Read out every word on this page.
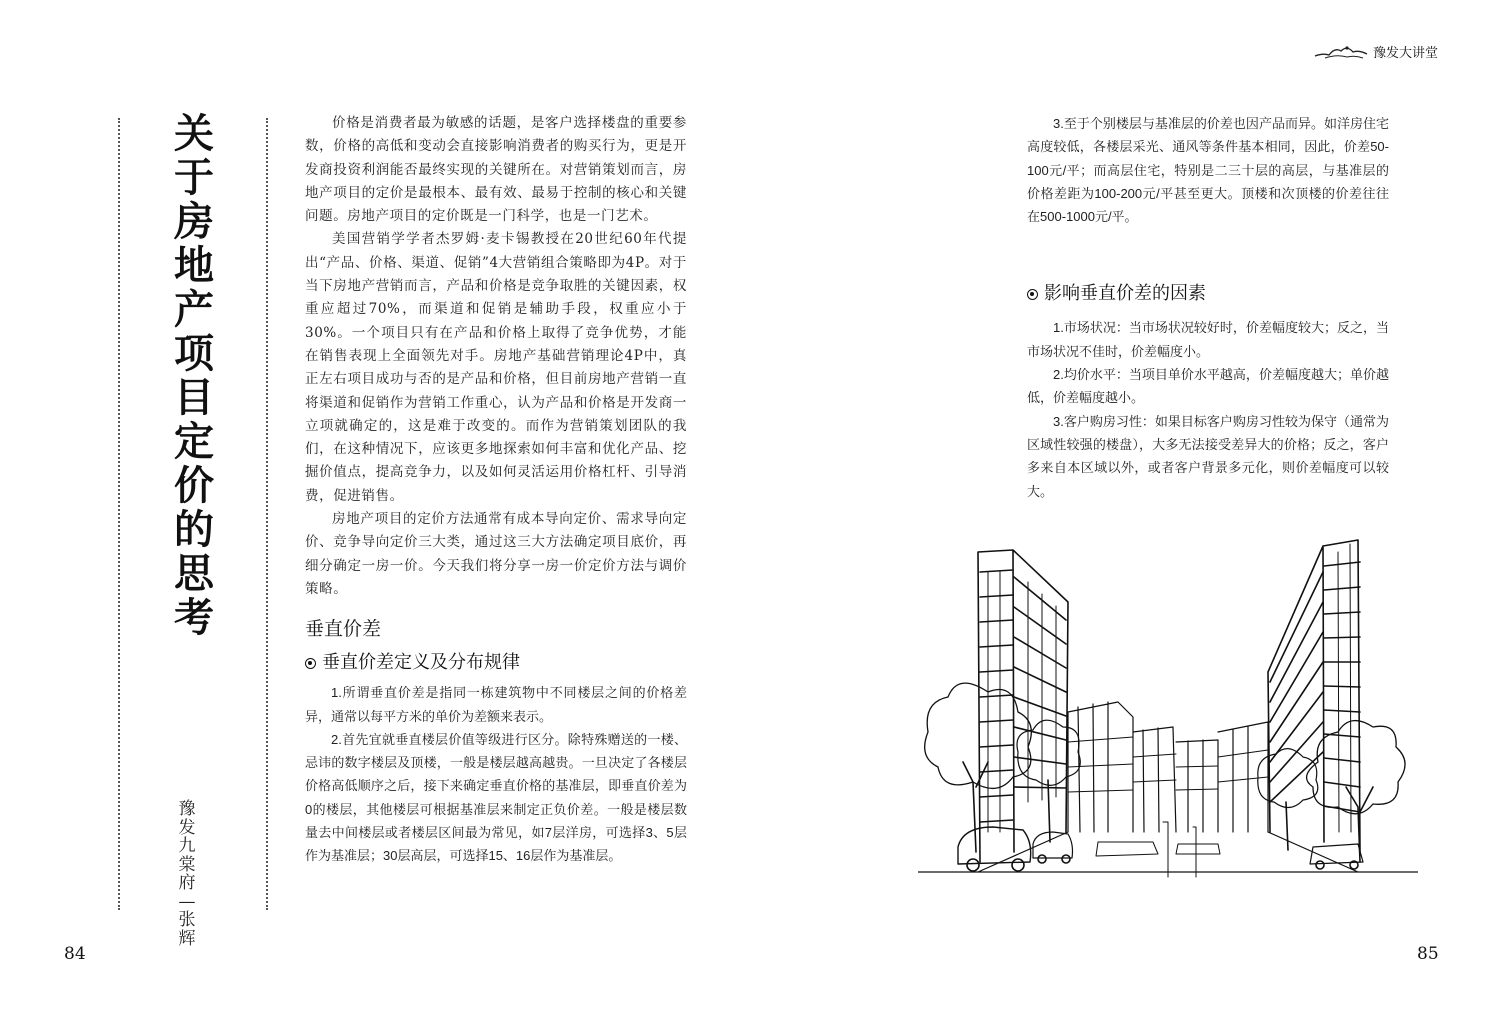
关于房地产项目定价的思考
豫发九棠府—张辉

价格是消费者最为敏感的话题，是客户选择楼盘的重要参数，价格的高低和变动会直接影响消费者的购买行为，更是开发商投资利润能否最终实现的关键所在。对营销策划而言，房地产项目的定价是最根本、最有效、最易于控制的核心和关键问题。房地产项目的定价既是一门科学，也是一门艺术。

美国营销学学者杰罗姆·麦卡锡教授在20世纪60年代提出“产品、价格、渠道、促销”4大营销组合策略即为4P。对于当下房地产营销而言，产品和价格是竞争取胜的关键因素，权重应超过70%，而渠道和促销是辅助手段，权重应小于30%。一个项目只有在产品和价格上取得了竞争优势，才能在销售表现上全面领先对手。房地产基础营销理论4P中，真正左右项目成功与否的是产品和价格，但目前房地产营销一直将渠道和促销作为营销工作重心，认为产品和价格是开发商一立项就确定的，这是难于改变的。而作为营销策划团队的我们，在这种情况下，应该更多地探索如何丰富和优化产品、挖掘价值点，提高竞争力，以及如何灵活运用价格杠杆、引导消费，促进销售。

房地产项目的定价方法通常有成本导向定价、需求导向定价、竞争导向定价三大类，通过这三大方法确定项目底价，再细分确定一房一价。今天我们将分享一房一价定价方法与调价策略。

垂直价差
垂直价差定义及分布规律

1.所谓垂直价差是指同一栋建筑物中不同楼层之间的价格差异，通常以每平方米的单价为差额来表示。

2.首先宜就垂直楼层价值等级进行区分。除特殊赠送的一楼、忌讳的数字楼层及顶楼，一般是楼层越高越贵。一旦决定了各楼层价格高低顺序之后，接下来确定垂直价格的基准层，即垂直价差为0的楼层，其他楼层可根据基准层来制定正负价差。一般是楼层数量去中间楼层或者楼层区间最为常见，如7层洋房，可选择3、5层作为基准层；30层高层，可选择15、16层作为基准层。

84
豫发大讲堂

3.至于个别楼层与基准层的价差也因产品而异。如洋房住宅高度较低，各楼层采光、通风等条件基本相同，因此，价差50-100元/平；而高层住宅，特别是二三十层的高层，与基准层的价格差距为100-200元/平甚至更大。顶楼和次顶楼的价差往往在500-1000元/平。

影响垂直价差的因素

1.市场状况：当市场状况较好时，价差幅度较大；反之，当市场状况不佳时，价差幅度小。

2.均价水平：当项目单价水平越高，价差幅度越大；单价越低，价差幅度越小。

3.客户购房习性：如果目标客户购房习性较为保守（通常为区域性较强的楼盘），大多无法接受差异大的价格；反之，客户多来自本区域以外，或者客户背景多元化，则价差幅度可以较大。

85
